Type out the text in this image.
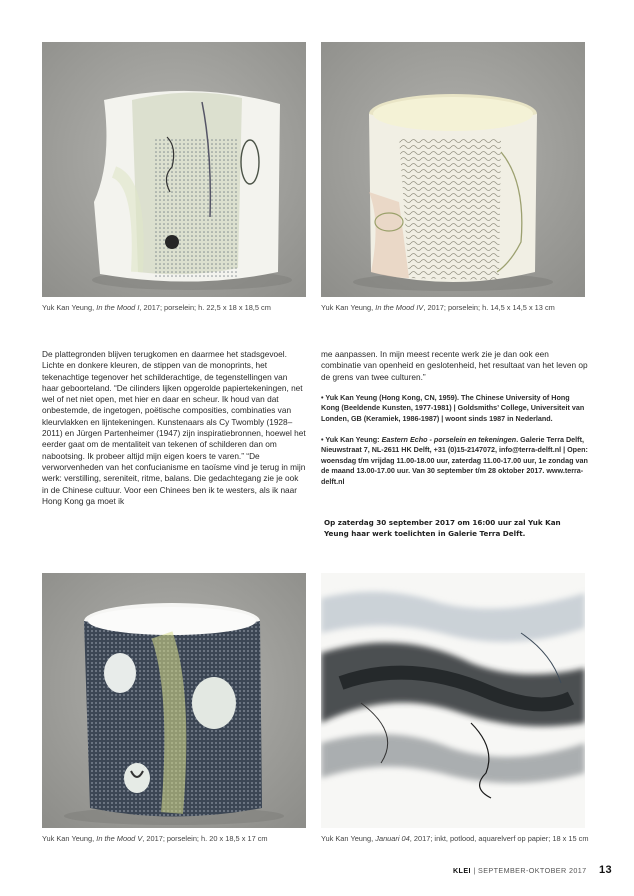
Yuk Kan Yeung, In the Mood I, 2017; porselein; h. 22,5 x 18 x 18,5 cm	Yuk Kan Yeung, In the Mood IV, 2017; porselein; h. 14,5 x 14,5 x 13 cm

De plattegronden blijven terugkomen en daarmee het stadsgevoel. Lichte en donkere kleuren, de stippen van de monoprints, het tekenachtige tegenover het schilderachtige, de tegenstellingen van haar geboorteland. “De cilinders lijken opgerolde papiertekeningen, net wel of net niet open, met hier en daar en scheur. Ik houd van dat onbestemde, de ingetogen, poëtische composities, combinaties van kleurvlakken en lijntekeningen. Kunstenaars als Cy Twombly (1928–2011) en Jürgen Partenheimer (1947) zijn inspiratiebronnen, hoewel het eerder gaat om de mentaliteit van tekenen of schilderen dan om nabootsing. Ik probeer altijd mijn eigen koers te varen.” “De verworvenheden van het confucianisme en taoïsme vind je terug in mijn werk: verstilling, sereniteit, ritme, balans. Die gedachtegang zie je ook in de Chinese cultuur. Voor een Chinees ben ik te westers, als ik naar Hong Kong ga moet ik

me aanpassen. In mijn meest recente werk zie je dan ook een combinatie van openheid en geslotenheid, het resultaat van het leven op de grens van twee culturen.”

• Yuk Kan Yeung (Hong Kong, CN, 1959). The Chinese University of Hong Kong (Beeldende Kunsten, 1977-1981) | Goldsmiths’ College, Universiteit van Londen, GB (Keramiek, 1986-1987) | woont sinds 1987 in Nederland.

• Yuk Kan Yeung: Eastern Echo - porselein en tekeningen. Galerie Terra Delft, Nieuwstraat 7, NL-2611 HK Delft, +31 (0)15-2147072, info@terra-delft.nl | Open: woensdag t/m vrijdag 11.00-18.00 uur, zaterdag 11.00-17.00 uur, 1e zondag van de maand 13.00-17.00 uur. Van 30 september t/m 28 oktober 2017. www.terra-delft.nl

Op zaterdag 30 september 2017 om 16:00 uur zal Yuk Kan Yeung haar werk toelichten in Galerie Terra Delft.
Yuk Kan Yeung, In the Mood V, 2017; porselein; h. 20 x 18,5 x 17 cm	Yuk Kan Yeung, Januari 04, 2017; inkt, potlood, aquarelverf op papier; 18 x 15 cm
KLEI | SEPTEMBER-OKTOBER 2017 13
